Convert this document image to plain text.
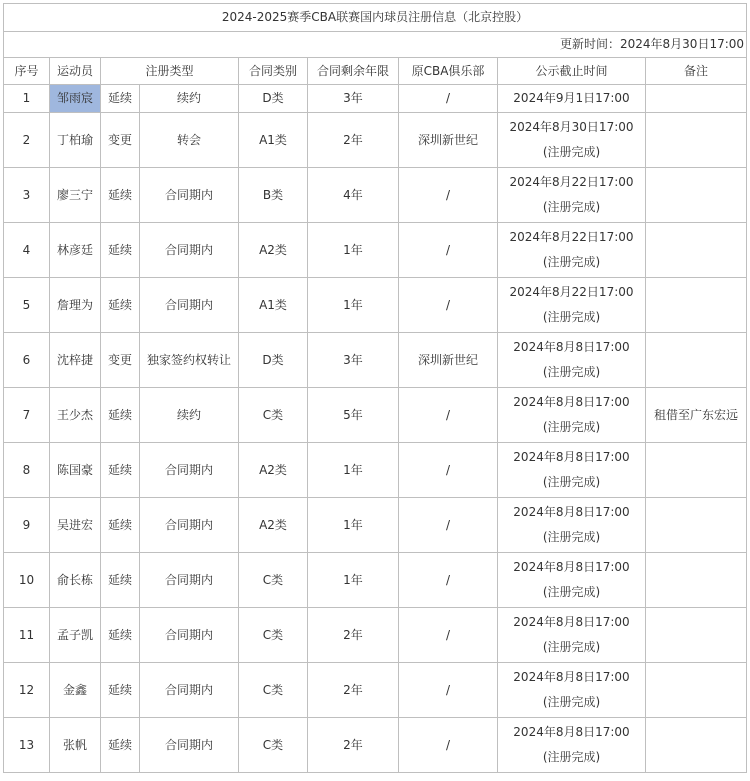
2024-2025赛季CBA联赛国内球员注册信息（北京控股）								
更新时间：2024年8月30日17:00								
序号	运动员	注册类型		合同类别	合同剩余年限	原CBA俱乐部	公示截止时间	备注
1	邹雨宸	延续	续约	D类	3年	/	2024年9月1日17:00	

2	丁柏瑜	变更	转会	A1类	2年	深圳新世纪	2024年8月30日17:00
(注册完成)	

3	廖三宁	延续	合同期内	B类	4年	/	2024年8月22日17:00
(注册完成)	

4	林彦廷	延续	合同期内	A2类	1年	/	2024年8月22日17:00
(注册完成)	

5	詹理为	延续	合同期内	A1类	1年	/	2024年8月22日17:00
(注册完成)	

6	沈梓捷	变更	独家签约权转让	D类	3年	深圳新世纪	2024年8月8日17:00
(注册完成)	

7	王少杰	延续	续约	C类	5年	/	2024年8月8日17:00
(注册完成)	租借至广东宏远
8	陈国豪	延续	合同期内	A2类	1年	/	2024年8月8日17:00
(注册完成)	

9	吴进宏	延续	合同期内	A2类	1年	/	2024年8月8日17:00
(注册完成)	

10	俞长栋	延续	合同期内	C类	1年	/	2024年8月8日17:00
(注册完成)	

11	孟子凯	延续	合同期内	C类	2年	/	2024年8月8日17:00
(注册完成)	

12	金鑫	延续	合同期内	C类	2年	/	2024年8月8日17:00
(注册完成)	

13	张帆	延续	合同期内	C类	2年	/	2024年8月8日17:00
(注册完成)	
